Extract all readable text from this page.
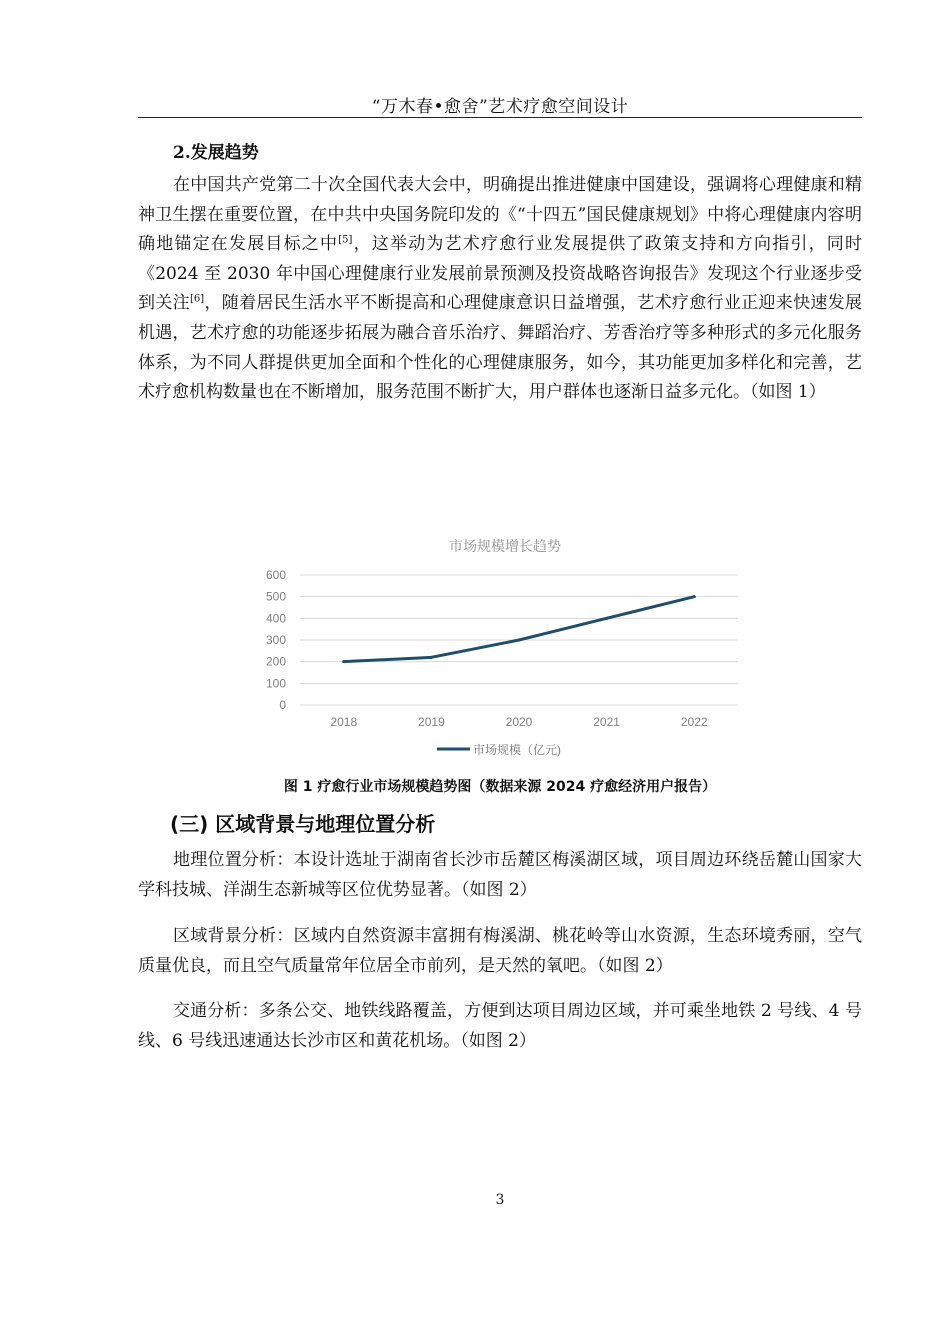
“万木春•愈舍”艺术疗愈空间设计
2.发展趋势

在中国共产党第二十次全国代表大会中，明确提出推进健康中国建设，强调将心理健康和精神卫生摆在重要位置，在中共中央国务院印发的《“十四五”国民健康规划》中将心理健康内容明确地锚定在发展目标之中[5]，这举动为艺术疗愈行业发展提供了政策支持和方向指引，同时《2024 至 2030 年中国心理健康行业发展前景预测及投资战略咨询报告》发现这个行业逐步受到关注[6]，随着居民生活水平不断提高和心理健康意识日益增强，艺术疗愈行业正迎来快速发展机遇，艺术疗愈的功能逐步拓展为融合音乐治疗、舞蹈治疗、芳香治疗等多种形式的多元化服务体系，为不同人群提供更加全面和个性化的心理健康服务，如今，其功能更加多样化和完善，艺术疗愈机构数量也在不断增加，服务范围不断扩大，用户群体也逐渐日益多元化。（如图 1）

市场规模增长趋势
0
100
200
300
400
500
600
2018	2019	2020	2021	2022
市场规模（亿元)
图 1 疗愈行业市场规模趋势图（数据来源 2024 疗愈经济用户报告）
(三) 区域背景与地理位置分析

地理位置分析：本设计选址于湖南省长沙市岳麓区梅溪湖区域，项目周边环绕岳麓山国家大学科技城、洋湖生态新城等区位优势显著。（如图 2）

区域背景分析：区域内自然资源丰富拥有梅溪湖、桃花岭等山水资源，生态环境秀丽，空气质量优良，而且空气质量常年位居全市前列，是天然的氧吧。（如图 2）

交通分析：多条公交、地铁线路覆盖，方便到达项目周边区域，并可乘坐地铁 2 号线、4 号线、6 号线迅速通达长沙市区和黄花机场。（如图 2）

3
